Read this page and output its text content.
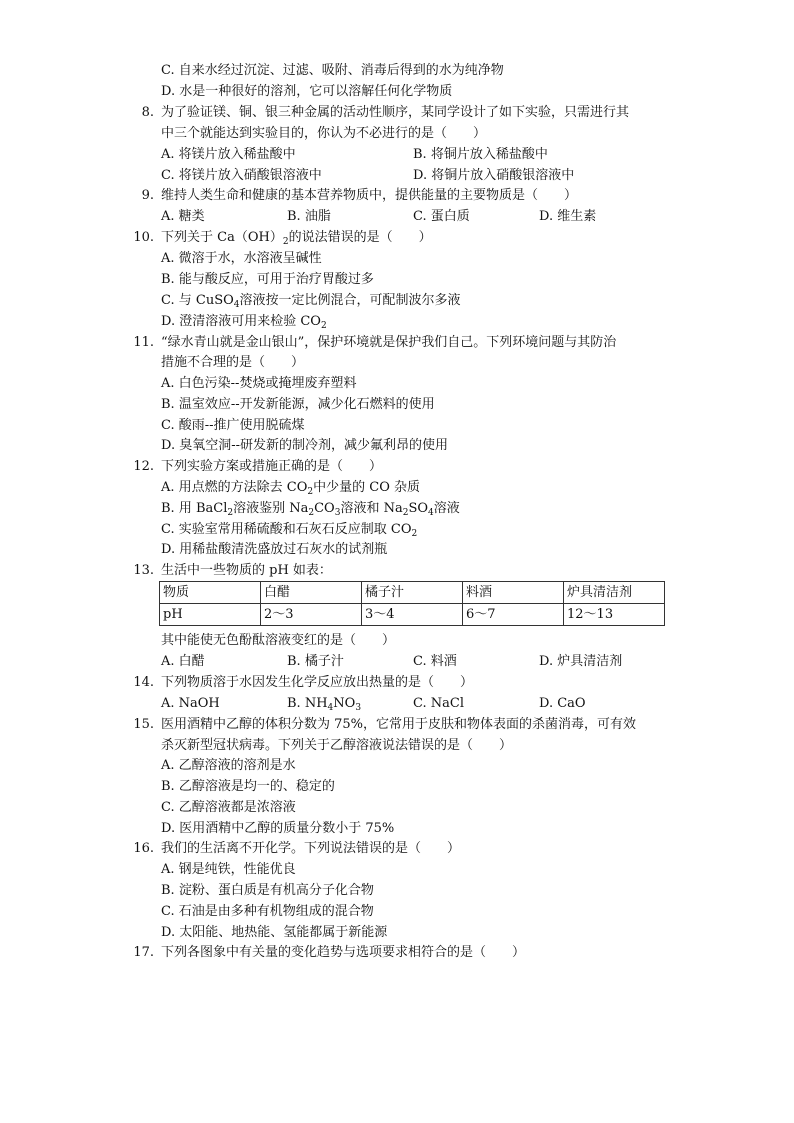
C. 自来水经过沉淀、过滤、吸附、消毒后得到的水为纯净物
D. 水是一种很好的溶剂，它可以溶解任何化学物质
8. 为了验证镁、铜、银三种金属的活动性顺序，某同学设计了如下实验，只需进行其
中三个就能达到实验目的，你认为不必进行的是（　　）
A. 将镁片放入稀盐酸中	B. 将铜片放入稀盐酸中
C. 将镁片放入硝酸银溶液中	D. 将铜片放入硝酸银溶液中
9. 维持人类生命和健康的基本营养物质中，提供能量的主要物质是（　　）
A. 糖类	B. 油脂	C. 蛋白质	D. 维生素
10. 下列关于 $Ca(OH)_2$的说法错误的是（　　）
A. 微溶于水，水溶液呈碱性
B. 能与酸反应，可用于治疗胃酸过多
C. 与 CuSO$_4$溶液按一定比例混合，可配制波尔多液
D. 澄清溶液可用来检验 $CO_2$
11. “绿水青山就是金山银山”，保护环境就是保护我们自己。下列环境问题与其防治
措施不合理的是（　　）
A. 白色污染--焚烧或掩埋废弃塑料
B. 温室效应--开发新能源，减少化石燃料的使用
C. 酸雨--推广使用脱硫煤
D. 臭氧空洞--研发新的制冷剂，减少氟利昂的使用
12. 下列实验方案或措施正确的是（　　）
A. 用点燃的方法除去 $CO_2$中少量的 CO 杂质
B. 用 BaCl$_2$溶液鉴别 $Na_2CO_3$溶液和 $Na_2SO_4$溶液
C. 实验室常用稀硫酸和石灰石反应制取 $CO_2$
D. 用稀盐酸清洗盛放过石灰水的试剂瓶
13. 生活中一些物质的 pH 如表：
物质	白醋	橘子汁	料酒	炉具清洁剂
pH	2～3	3～4	6～7	12～13
其中能使无色酚酞溶液变红的是（　　）
A. 白醋	B. 橘子汁	C. 料酒	D. 炉具清洁剂
14. 下列物质溶于水因发生化学反应放出热量的是（　　）
A. NaOH	B. $NH_4NO_3$	C. NaCl	D. CaO
15. 医用酒精中乙醇的体积分数为 75%，它常用于皮肤和物体表面的杀菌消毒，可有效
杀灭新型冠状病毒。下列关于乙醇溶液说法错误的是（　　）
A. 乙醇溶液的溶剂是水
B. 乙醇溶液是均一的、稳定的
C. 乙醇溶液都是浓溶液
D. 医用酒精中乙醇的质量分数小于 75%
16. 我们的生活离不开化学。下列说法错误的是（　　）
A. 钢是纯铁，性能优良
B. 淀粉、蛋白质是有机高分子化合物
C. 石油是由多种有机物组成的混合物
D. 太阳能、地热能、氢能都属于新能源
17. 下列各图象中有关量的变化趋势与选项要求相符合的是（　　）
